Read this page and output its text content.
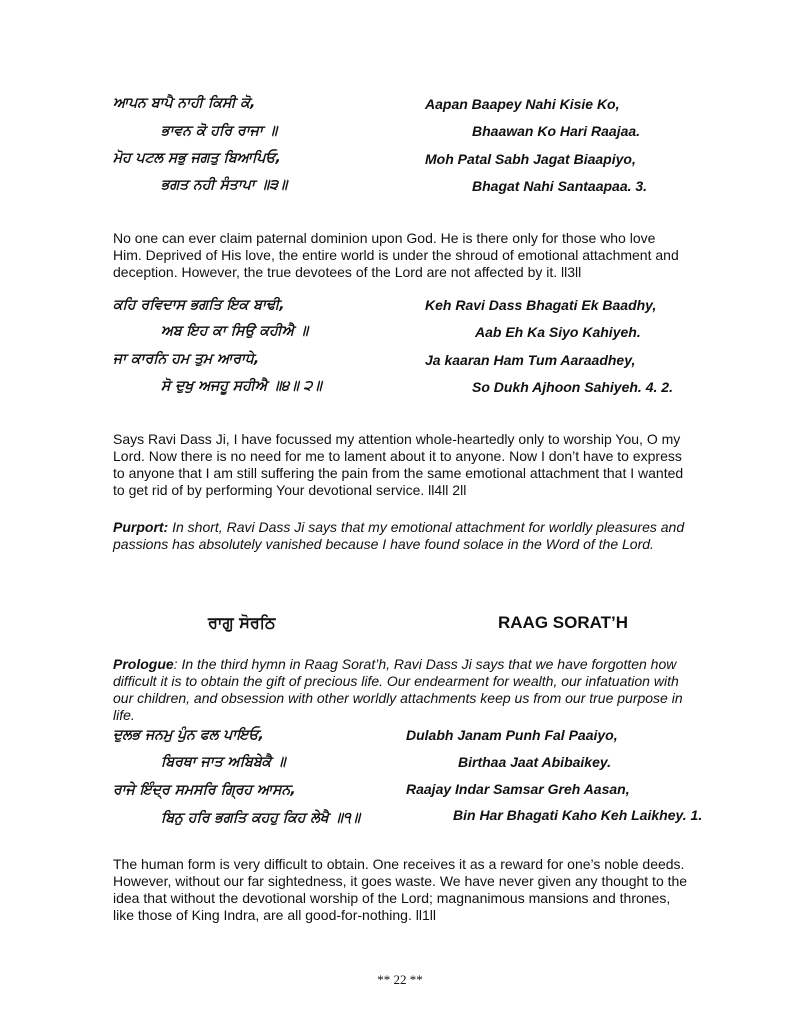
ਆਪਨ ਬਾਪੈ ਨਾਹੀ ਕਿਸੀ ਕੋ,
ਭਾਵਨ ਕੋ ਹਰਿ ਰਾਜਾ ॥
ਮੋਹ ਪਟਲ ਸਭੁ ਜਗਤੁ ਬਿਆਪਿਓ,
ਭਗਤ ਨਹੀ ਸੰਤਾਪਾ ॥੩॥
Aapan Baapey Nahi Kisie Ko,
Bhaawan Ko Hari Raajaa.
Moh Patal Sabh Jagat Biaapiyo,
Bhagat Nahi Santaapaa. 3.

No one can ever claim paternal dominion upon God. He is there only for those who love Him. Deprived of His love, the entire world is under the shroud of emotional attachment and deception. However, the true devotees of the Lord are not affected by it. ll3ll

ਕਹਿ ਰਵਿਦਾਸ ਭਗਤਿ ਇਕ ਬਾਢੀ,
ਅਬ ਇਹ ਕਾ ਸਿਉ ਕਹੀਐ ॥
ਜਾ ਕਾਰਨਿ ਹਮ ਤੁਮ ਆਰਾਧੇ,
ਸੋ ਦੁਖੁ ਅਜਹੂ ਸਹੀਐ ॥੪॥ ੨॥
Keh Ravi Dass Bhagati Ek Baadhy,
Aab Eh Ka Siyo Kahiyeh.
Ja kaaran Ham Tum Aaraadhey,
So Dukh Ajhoon Sahiyeh. 4. 2.

Says Ravi Dass Ji, I have focussed my attention whole-heartedly only to worship You, O my Lord. Now there is no need for me to lament about it to anyone. Now I don’t have to express to anyone that I am still suffering the pain from the same emotional attachment that I wanted to get rid of by performing Your devotional service. ll4ll 2ll

Purport: In short, Ravi Dass Ji says that my emotional attachment for worldly pleasures and passions has absolutely vanished because I have found solace in the Word of the Lord.

ਰਾਗੁ ਸੋਰਠਿ	RAAG SORAT’H

Prologue: In the third hymn in Raag Sorat’h, Ravi Dass Ji says that we have forgotten how difficult it is to obtain the gift of precious life. Our endearment for wealth, our infatuation with our children, and obsession with other worldly attachments keep us from our true purpose in life.

ਦੁਲਭ ਜਨਮੁ ਪੁੰਨ ਫਲ ਪਾਇਓ,
ਬਿਰਥਾ ਜਾਤ ਅਬਿਬੇਕੈ ॥
ਰਾਜੇ ਇੰਦ੍ਰ ਸਮਸਰਿ ਗ੍ਰਿਹ ਆਸਨ,
ਬਿਨੁ ਹਰਿ ਭਗਤਿ ਕਹਹੁ ਕਿਹ ਲੇਖੈ ॥੧॥
Dulabh Janam Punh Fal Paaiyo,
Birthaa Jaat Abibaikey.
Raajay Indar Samsar Greh Aasan,
Bin Har Bhagati Kaho Keh Laikhey. 1.

The human form is very difficult to obtain. One receives it as a reward for one’s noble deeds. However, without our far sightedness, it goes waste. We have never given any thought to the idea that without the devotional worship of the Lord; magnanimous mansions and thrones, like those of King Indra, are all good-for-nothing. ll1ll

** 22 **
